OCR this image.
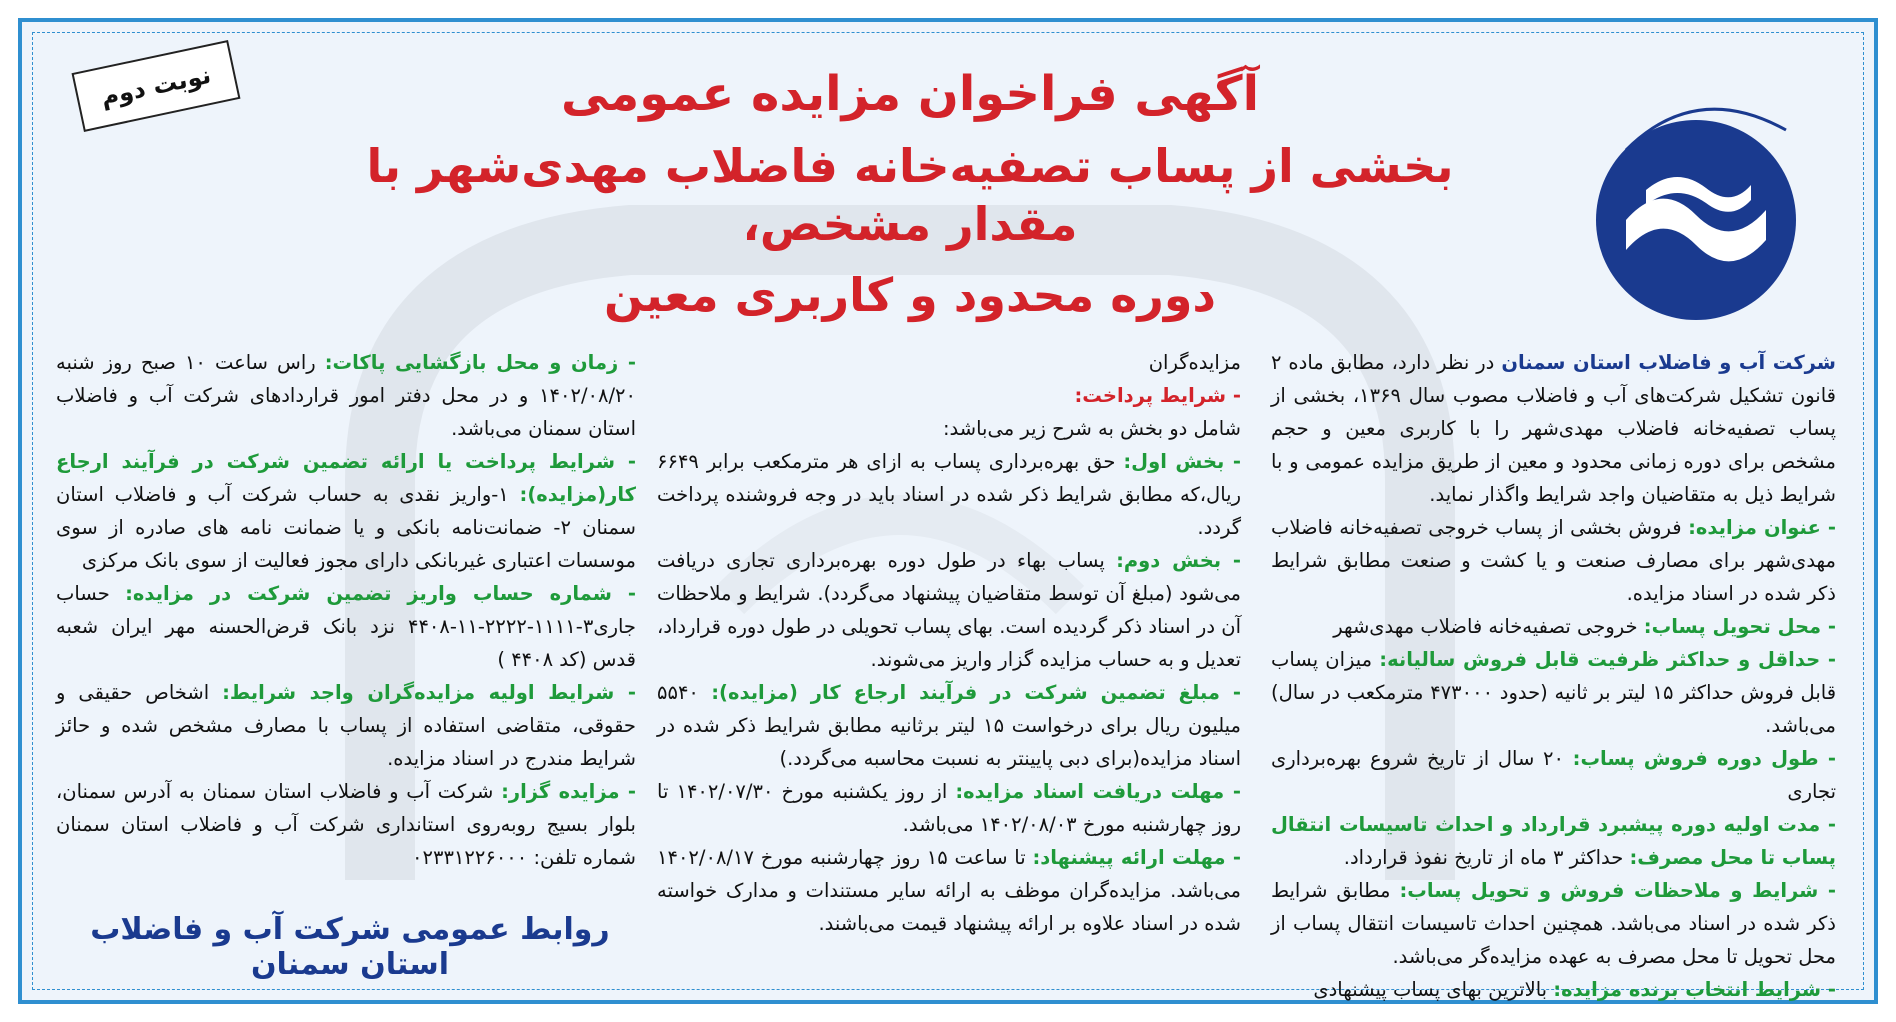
نوبت دوم	آگهی فراخوان مزایده عمومی
بخشی از پساب تصفیه‌خانه فاضلاب مهدی‌شهر با مقدار مشخص،
دوره محدود و کاربری معین

شرکت آب و فاضلاب استان سمنان در نظر دارد، مطابق ماده ۲ قانون تشکیل شرکت‌های آب و فاضلاب مصوب سال ۱۳۶۹، بخشی از پساب تصفیه‌خانه فاضلاب مهدی‌شهر را با کاربری معین و حجم مشخص برای دوره زمانی محدود و معین از طریق مزایده عمومی و با شرایط ذیل به متقاضیان واجد شرایط واگذار نماید.

- عنوان مزایده: فروش بخشی از پساب خروجی تصفیه‌خانه فاضلاب مهدی‌شهر برای مصارف صنعت و یا کشت و صنعت مطابق شرایط ذکر شده در اسناد مزایده.

- محل تحویل پساب: خروجی تصفیه‌خانه فاضلاب مهدی‌شهر

- حداقل و حداکثر ظرفیت قابل فروش سالیانه: میزان پساب قابل فروش حداکثر ۱۵ لیتر بر ثانیه (حدود ۴۷۳۰۰۰ مترمکعب در سال) می‌باشد.

- طول دوره فروش پساب: ۲۰ سال از تاریخ شروع بهره‌برداری تجاری

- مدت اولیه دوره پیشبرد قرارداد و احداث تاسیسات انتقال پساب تا محل مصرف: حداکثر ۳ ماه از تاریخ نفوذ قرارداد.

- شرایط و ملاحظات فروش و تحویل پساب: مطابق شرایط ذکر شده در اسناد می‌باشد. همچنین احداث تاسیسات انتقال پساب از محل تحویل تا محل مصرف به عهده مزایده‌گر می‌باشد.

- شرایط انتخاب برنده مزایده: بالاترین بهای پساب پیشنهادی

مزایده‌گران

- شرایط پرداخت:

شامل دو بخش به شرح زیر می‌باشد:

- بخش اول: حق بهره‌برداری پساب به ازای هر مترمکعب برابر ۶۶۴۹ ریال،که مطابق شرایط ذکر شده در اسناد باید در وجه فروشنده پرداخت گردد.

- بخش دوم: پساب بهاء در طول دوره بهره‌برداری تجاری دریافت می‌شود (مبلغ آن توسط متقاضیان پیشنهاد می‌گردد). شرایط و ملاحظات آن در اسناد ذکر گردیده است. بهای پساب تحویلی در طول دوره قرارداد، تعدیل و به حساب مزایده گزار واریز می‌شوند.

- مبلغ تضمین شرکت در فرآیند ارجاع کار (مزایده): ۵۵۴۰ میلیون ریال برای درخواست ۱۵ لیتر برثانیه مطابق شرایط ذکر شده در اسناد مزایده(برای دبی پایینتر به نسبت محاسبه می‌گردد.)

- مهلت دریافت اسناد مزایده: از روز یکشنبه مورخ ۱۴۰۲/۰۷/۳۰ تا روز چهارشنبه مورخ ۱۴۰۲/۰۸/۰۳ می‌باشد.

- مهلت ارائه پیشنهاد: تا ساعت ۱۵ روز چهارشنبه مورخ ۱۴۰۲/۰۸/۱۷ می‌باشد. مزایده‌گران موظف به ارائه سایر مستندات و مدارک خواسته شده در اسناد علاوه بر ارائه پیشنهاد قیمت می‌باشند.

- زمان و محل بازگشایی پاکات: راس ساعت ۱۰ صبح روز شنبه ۱۴۰۲/۰۸/۲۰ و در محل دفتر امور قراردادهای شرکت آب و فاضلاب استان سمنان می‌باشد.

- شرایط پرداخت یا ارائه تضمین شرکت در فرآیند ارجاع کار(مزایده): ۱-واریز نقدی به حساب شرکت آب و فاضلاب استان سمنان ۲- ضمانت‌نامه بانکی و یا ضمانت نامه های صادره از سوی موسسات اعتباری غیربانکی دارای مجوز فعالیت از سوی بانک مرکزی

- شماره حساب واریز تضمین شرکت در مزایده: حساب جاری۳-۱۱۱۱-۲۲۲۲-۱۱-۴۴۰۸ نزد بانک قرض‌الحسنه مهر ایران شعبه قدس (کد ۴۴۰۸ )

- شرایط اولیه مزایده‌گران واجد شرایط: اشخاص حقیقی و حقوقی، متقاضی استفاده از پساب با مصارف مشخص شده و حائز شرایط مندرج در اسناد مزایده.

- مزایده گزار: شرکت آب و فاضلاب استان سمنان به آدرس سمنان، بلوار بسیج روبه‌روی استانداری شرکت آب و فاضلاب استان سمنان شماره تلفن: ۰۲۳۳۱۲۲۶۰۰۰

روابط عمومی شرکت آب و فاضلاب استان سمنان
